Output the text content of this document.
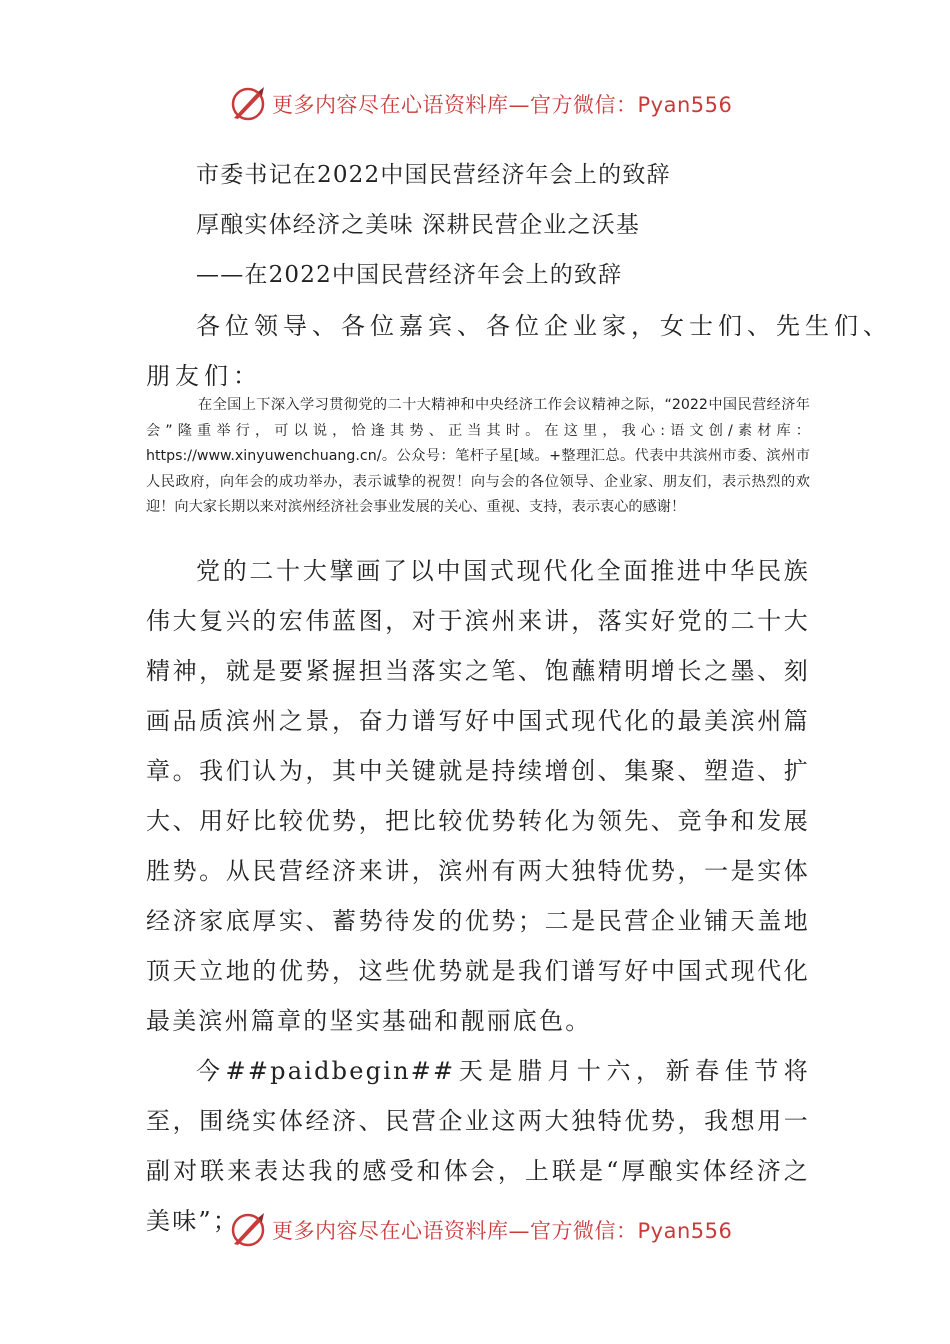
更多内容尽在心语资料库—官方微信：Pyan556
市委书记在2022中国民营经济年会上的致辞
厚酿实体经济之美味 深耕民营企业之沃基
——在2022中国民营经济年会上的致辞
各位领导、各位嘉宾、各位企业家，女士们、先生们、
朋友们：
在全国上下深入学习贯彻党的二十大精神和中央经济工作会议精神之际，“2022中国民营经济年会”隆重举行，可以说，恰逢其势、正当其时。在这里，我心:语文创/素材库：https://www.xinyuwenchuang.cn/。公众号：笔杆子星[域。+整理汇总。代表中共滨州市委、滨州市人民政府，向年会的成功举办，表示诚挚的祝贺！向与会的各位领导、企业家、朋友们，表示热烈的欢迎！向大家长期以来对滨州经济社会事业发展的关心、重视、支持，表示衷心的感谢！
党的二十大擘画了以中国式现代化全面推进中华民族伟大复兴的宏伟蓝图，对于滨州来讲，落实好党的二十大精神，就是要紧握担当落实之笔、饱蘸精明增长之墨、刻画品质滨州之景，奋力谱写好中国式现代化的最美滨州篇章。我们认为，其中关键就是持续增创、集聚、塑造、扩大、用好比较优势，把比较优势转化为领先、竞争和发展胜势。从民营经济来讲，滨州有两大独特优势，一是实体经济家底厚实、蓄势待发的优势；二是民营企业铺天盖地顶天立地的优势，这些优势就是我们谱写好中国式现代化最美滨州篇章的坚实基础和靓丽底色。
今##paidbegin##天是腊月十六，新春佳节将至，围绕实体经济、民营企业这两大独特优势，我想用一副对联来表达我的感受和体会，上联是“厚酿实体经济之美味”；	更多内容尽在心语资料库—官方微信：Pyan556
